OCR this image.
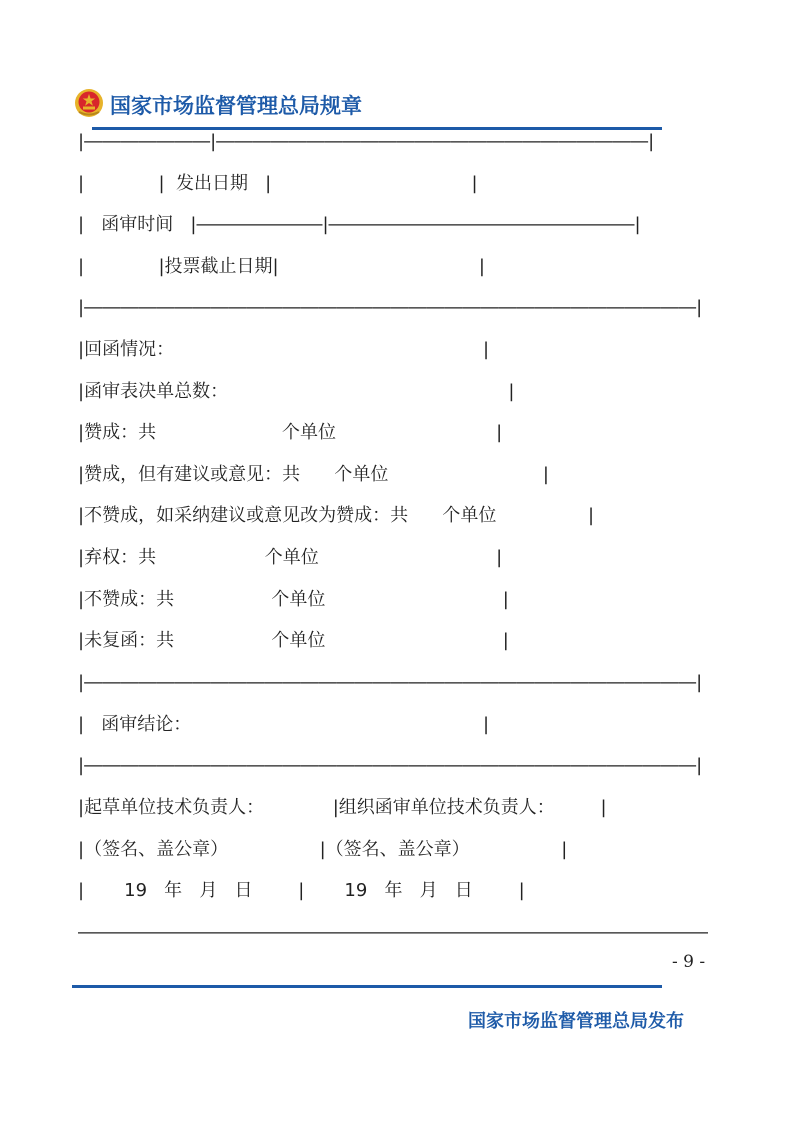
国家市场监督管理总局规章
|―――――――|――――――――――――――――――――――――|
|             |  发出日期   |                                   |
|   函审时间   |―――――――|―――――――――――――――――|
|             |投票截止日期|                                   |
|――――――――――――――――――――――――――――――――――|
|回函情况：                                                      |
|函审表决单总数：                                                 |
|赞成：共                      个单位                            |
|赞成，但有建议或意见：共      个单位                           |
|不赞成，如采纳建议或意见改为赞成：共      个单位                |
|弃权：共                   个单位                               |
|不赞成：共                 个单位                               |
|未复函：共                 个单位                               |
|――――――――――――――――――――――――――――――――――|
|   函审结论：                                                   |
|――――――――――――――――――――――――――――――――――|
|起草单位技术负责人：            |组织函审单位技术负责人：        |
|（签名、盖公章）                |（签名、盖公章）                |
|       19   年   月   日        |       19   年   月   日        |
―――――――――――――――――――――――――――――――――――
- 9 -
国家市场监督管理总局发布
